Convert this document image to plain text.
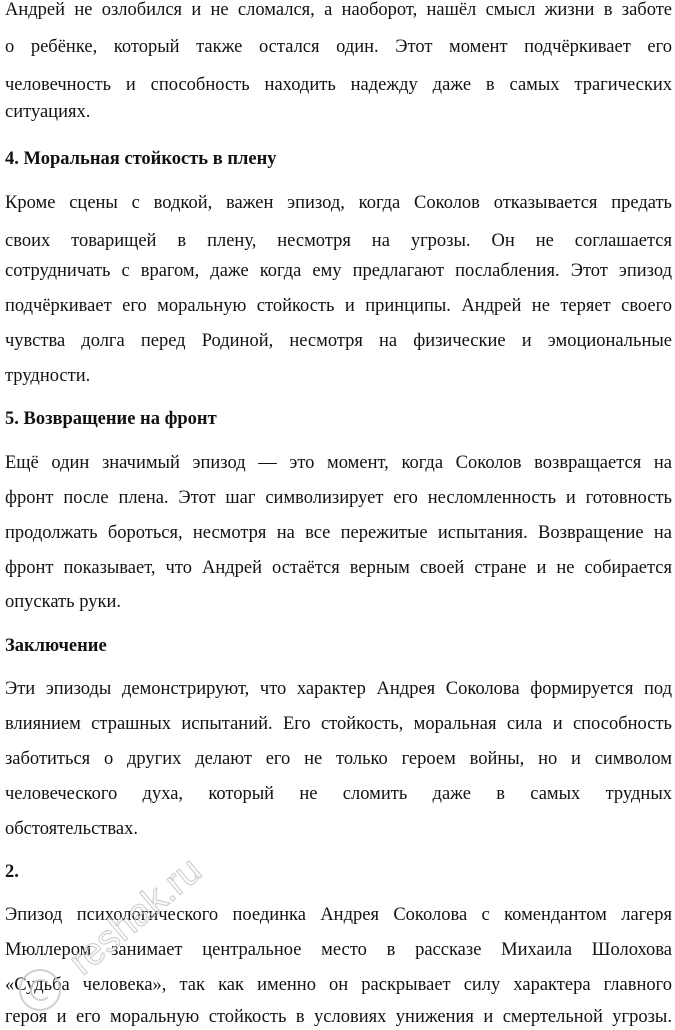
Андрей не озлобился и не сломался, а наоборот, нашёл смысл жизни в заботе
о ребёнке, который также остался один. Этот момент подчёркивает его
человечность и способность находить надежду даже в самых трагических
ситуациях.
4. Моральная стойкость в плену
Кроме сцены с водкой, важен эпизод, когда Соколов отказывается предать
своих товарищей в плену, несмотря на угрозы. Он не соглашается
сотрудничать с врагом, даже когда ему предлагают послабления. Этот эпизод
подчёркивает его моральную стойкость и принципы. Андрей не теряет своего
чувства долга перед Родиной, несмотря на физические и эмоциональные
трудности.
5. Возвращение на фронт
Ещё один значимый эпизод — это момент, когда Соколов возвращается на
фронт после плена. Этот шаг символизирует его несломленность и готовность
продолжать бороться, несмотря на все пережитые испытания. Возвращение на
фронт показывает, что Андрей остаётся верным своей стране и не собирается
опускать руки.
Заключение
Эти эпизоды демонстрируют, что характер Андрея Соколова формируется под
влиянием страшных испытаний. Его стойкость, моральная сила и способность
заботиться о других делают его не только героем войны, но и символом
человеческого духа, который не сломить даже в самых трудных
обстоятельствах.
2.
Эпизод психологического поединка Андрея Соколова с комендантом лагеря
Мюллером занимает центральное место в рассказе Михаила Шолохова
«Судьба человека», так как именно он раскрывает силу характера главного
героя и его моральную стойкость в условиях унижения и смертельной угрозы.
reshak.ru
